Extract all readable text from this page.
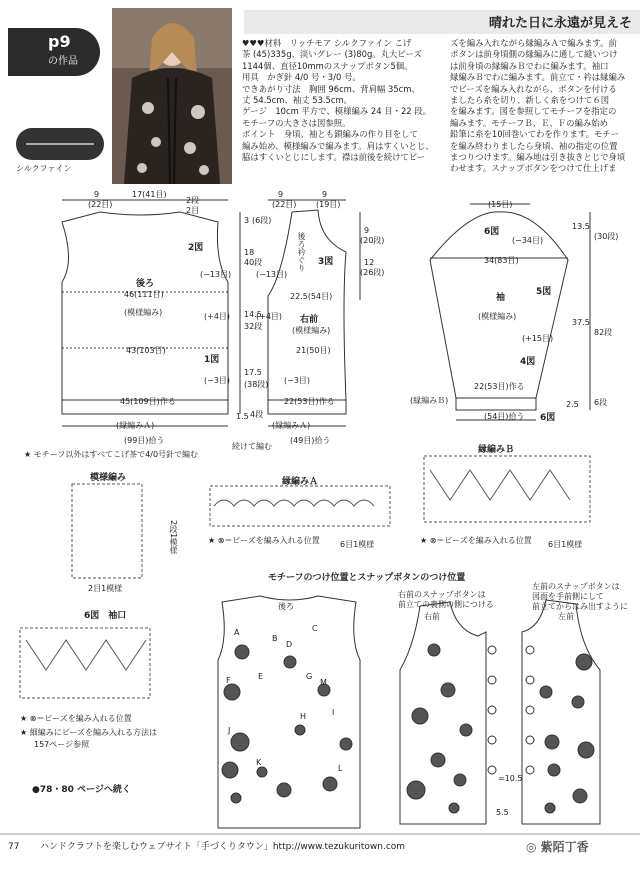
p9
の作品
シルクファイン
晴れた日に永遠が見えそ

♥♥♥材料　リッチモア シルクファイン こげ

茶 (45)335g、淡いグレー (3)80g。丸大ビーズ

1144個、直径10mmのスナップボタン5個。

用具　かぎ針 4/0 号・3/0 号。

できあがり寸法　胸囲 96cm、背肩幅 35cm、

丈 54.5cm、袖丈 53.5cm。

ゲージ　10cm 平方で、模様編み 24 目・22 段。

モチーフの大きさは図参照。

ポイント　身頃、袖とも鎖編みの作り目をして

編み始め、模様編みで編みます。肩はすくいとじ、

脇はすくいとじにします。襟は前後を続けてビー

ズを編み入れながら縁編みＡで編みます。前

ボタンは前身頃側の縁編みに通して縫いつけ

は前身頃の縁編みＢでわに編みます。袖口

縁編みＢでわに編みます。前立て・衿は縁編み

でビーズを編み入れながら、ボタンを付ける

ましたら糸を切り、新しく糸をつけて６図

を編みます。図を参照してモチーフを指定の

編みます。モチーフＢ、Ｅ、Ｆの編み始め

鉛筆に糸を10回巻いてわを作ります。モチー

を編み終わりましたら身頃、袖の指定の位置

まつりつけます。編み地は引き抜きとじで身頃

わせます。スナップボタンをつけて仕上げま

9
(22目)
17(41目)
2段
2目
2図
後ろ
46(111目)
(模様編み)
43(103目)
1図
(−13目)
(+4目)
(−3目)
45(109目)作る
(縁編みＡ)
(99目)拾う
3 (6段)
18
40段
14.5
32段
17.5
(38段)
1.5 4段
★ モチーフ以外はすべてこげ茶で4/0号針で編む
9
(22目)
9
(19目)
3図
後ろ衿ぐり
(−13目)
22.5(54目)
(+4目) 右前
(模様編み)
21(50目)
(−3目)
22(53目)作る
(縁編みＡ)
(49目)拾う
9
(20段)
12
(26段)
続けて編む
(15目)
6図
(−34目)
34(83目)
袖
5図
(模様編み)
(+15目)
4図
22(53目)作る
(縁編みＢ)
6図
(54目)拾う
13.5
(30段)
37.5
82段
2.5 6段
模様編み
2段1模様
2目1模様
縁編みＡ
★ ⊗＝ビーズを編み入れる位置	6目1模様
縁編みＢ
★ ⊗＝ビーズを編み入れる位置 6目1模様
6図　袖口
★ ⊗＝ビーズを編み入れる位置
★ 細編みにビーズを編み入れる方法は
157ページ参照
●78・80 ページへ続く
モチーフのつけ位置とスナップボタンのつけ位置
後ろ
右前	左前
右前のスナップボタンは
前立ての裏側の側につける
左前のスナップボタンは
図面を手前側にして
前立てからはみ出すように
=10.5
5.5
A
B
C
D
E
F	G
H	I
J
K
L
M
77 ハンドクラフトを楽しむウェブサイト「手づくりタウン」http://www.tezukuritown.com	◎ 紫陌丁香
